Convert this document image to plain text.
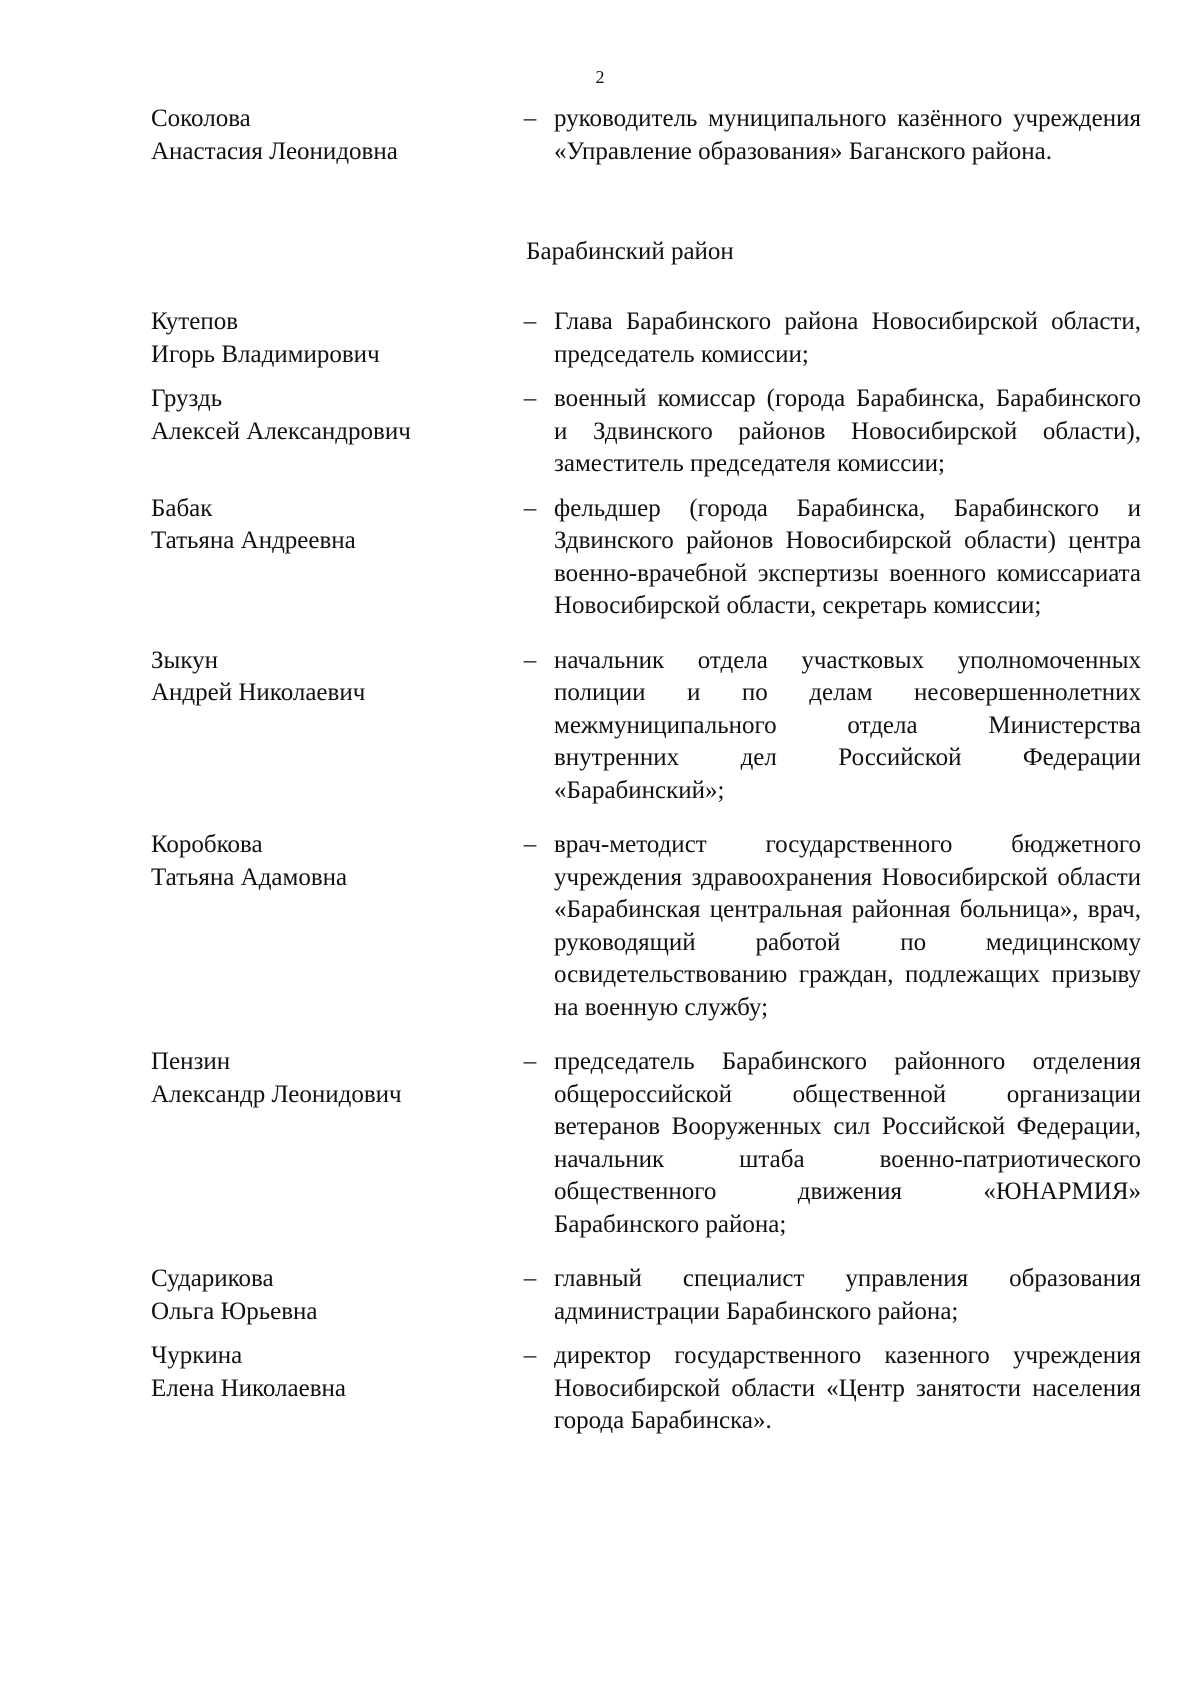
2
Соколова
Анастасия Леонидовна
– руководитель муниципального казённого учреждения «Управление образования» Баганского района.
Барабинский район
Кутепов
Игорь Владимирович
– Глава Барабинского района Новосибирской области, председатель комиссии;
Груздь
Алексей Александрович
– военный комиссар (города Барабинска, Барабинского и Здвинского районов Новосибирской области), заместитель председателя комиссии;
Бабак
Татьяна Андреевна
– фельдшер (города Барабинска, Барабинского и Здвинского районов Новосибирской области) центра военно-врачебной экспертизы военного комиссариата Новосибирской области, секретарь комиссии;
Зыкун
Андрей Николаевич
– начальник отдела участковых уполномоченных полиции и по делам несовершеннолетних межмуниципального отдела Министерства внутренних дел Российской Федерации «Барабинский»;
Коробкова
Татьяна Адамовна
– врач-методист государственного бюджетного учреждения здравоохранения Новосибирской области «Барабинская центральная районная больница», врач, руководящий работой по медицинскому освидетельствованию граждан, подлежащих призыву на военную службу;
Пензин
Александр Леонидович
– председатель Барабинского районного отделения общероссийской общественной организации ветеранов Вооруженных сил Российской Федерации, начальник штаба военно-патриотического общественного движения «ЮНАРМИЯ» Барабинского района;
Сударикова
Ольга Юрьевна
– главный специалист управления образования администрации Барабинского района;
Чуркина
Елена Николаевна
– директор государственного казенного учреждения Новосибирской области «Центр занятости населения города Барабинска».
